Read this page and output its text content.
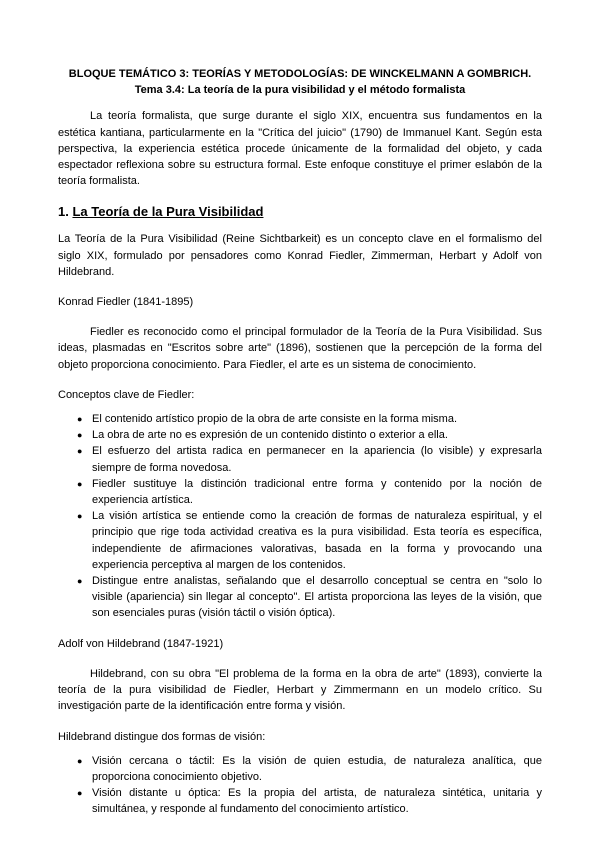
BLOQUE TEMÁTICO 3: TEORÍAS Y METODOLOGÍAS: DE WINCKELMANN A GOMBRICH.
Tema 3.4: La teoría de la pura visibilidad y el método formalista

La teoría formalista, que surge durante el siglo XIX, encuentra sus fundamentos en la estética kantiana, particularmente en la "Crítica del juicio" (1790) de Immanuel Kant. Según esta perspectiva, la experiencia estética procede únicamente de la formalidad del objeto, y cada espectador reflexiona sobre su estructura formal. Este enfoque constituye el primer eslabón de la teoría formalista.

1. La Teoría de la Pura Visibilidad

La Teoría de la Pura Visibilidad (Reine Sichtbarkeit) es un concepto clave en el formalismo del siglo XIX, formulado por pensadores como Konrad Fiedler, Zimmerman, Herbart y Adolf von Hildebrand.

Konrad Fiedler (1841-1895)

Fiedler es reconocido como el principal formulador de la Teoría de la Pura Visibilidad. Sus ideas, plasmadas en "Escritos sobre arte" (1896), sostienen que la percepción de la forma del objeto proporciona conocimiento. Para Fiedler, el arte es un sistema de conocimiento.

Conceptos clave de Fiedler:

● El contenido artístico propio de la obra de arte consiste en la forma misma.
● La obra de arte no es expresión de un contenido distinto o exterior a ella.
● El esfuerzo del artista radica en permanecer en la apariencia (lo visible) y expresarla siempre de forma novedosa.
● Fiedler sustituye la distinción tradicional entre forma y contenido por la noción de experiencia artística.
● La visión artística se entiende como la creación de formas de naturaleza espiritual, y el principio que rige toda actividad creativa es la pura visibilidad. Esta teoría es específica, independiente de afirmaciones valorativas, basada en la forma y provocando una experiencia perceptiva al margen de los contenidos.
● Distingue entre analistas, señalando que el desarrollo conceptual se centra en "solo lo visible (apariencia) sin llegar al concepto". El artista proporciona las leyes de la visión, que son esenciales puras (visión táctil o visión óptica).

Adolf von Hildebrand (1847-1921)

Hildebrand, con su obra "El problema de la forma en la obra de arte" (1893), convierte la teoría de la pura visibilidad de Fiedler, Herbart y Zimmermann en un modelo crítico. Su investigación parte de la identificación entre forma y visión.

Hildebrand distingue dos formas de visión:

● Visión cercana o táctil: Es la visión de quien estudia, de naturaleza analítica, que proporciona conocimiento objetivo.
● Visión distante u óptica: Es la propia del artista, de naturaleza sintética, unitaria y simultánea, y responde al fundamento del conocimiento artístico.
